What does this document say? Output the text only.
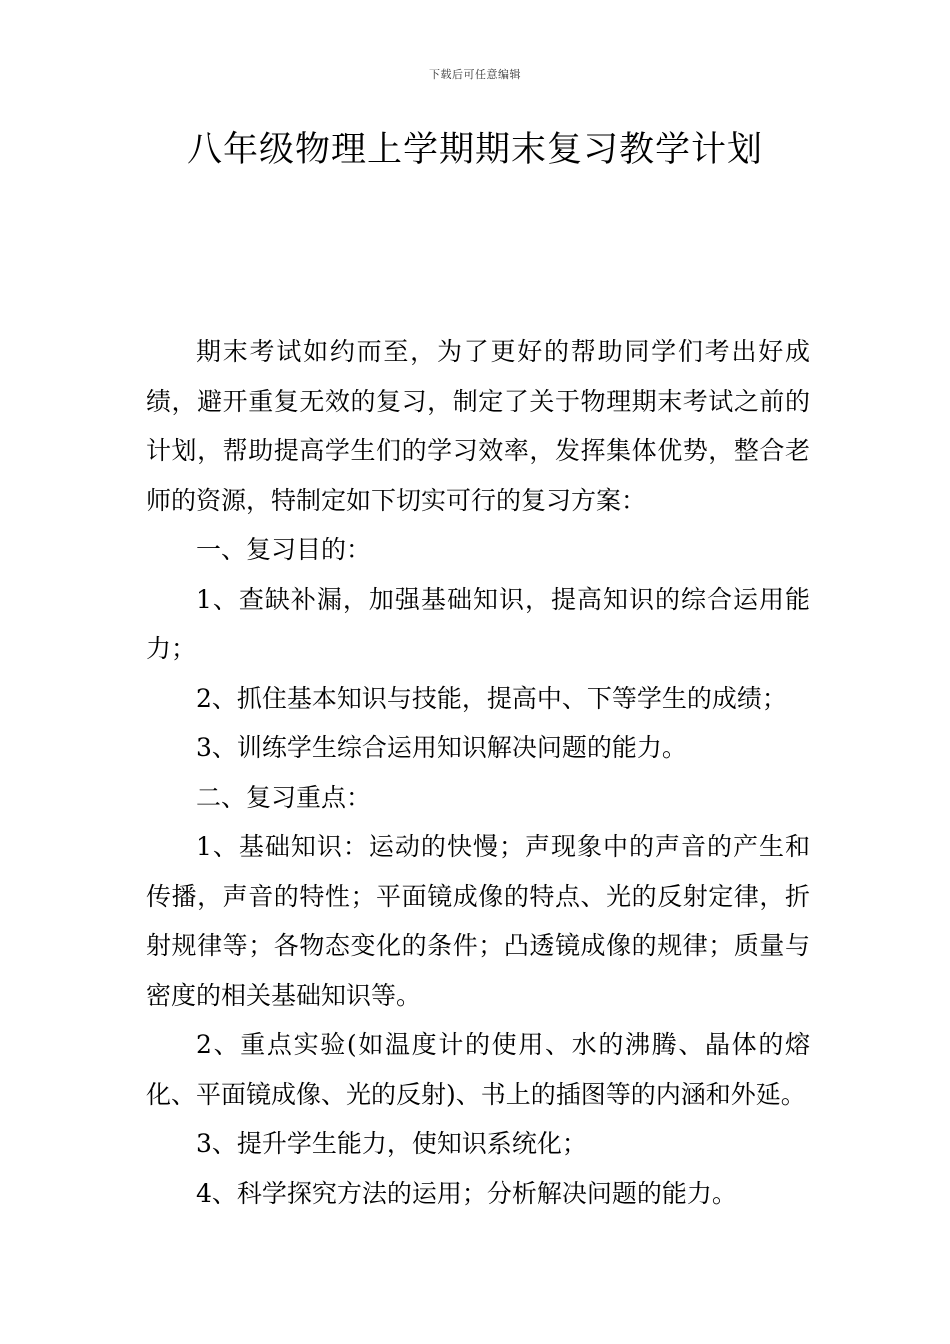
下载后可任意编辑
八年级物理上学期期末复习教学计划

期末考试如约而至，为了更好的帮助同学们考出好成绩，避开重复无效的复习，制定了关于物理期末考试之前的计划，帮助提高学生们的学习效率，发挥集体优势，整合老师的资源，特制定如下切实可行的复习方案：

一、复习目的：

1、查缺补漏，加强基础知识，提高知识的综合运用能力；

2、抓住基本知识与技能，提高中、下等学生的成绩；

3、训练学生综合运用知识解决问题的能力。

二、复习重点：

1、基础知识：运动的快慢；声现象中的声音的产生和传播，声音的特性；平面镜成像的特点、光的反射定律，折射规律等；各物态变化的条件；凸透镜成像的规律；质量与密度的相关基础知识等。

2、重点实验(如温度计的使用、水的沸腾、晶体的熔化、平面镜成像、光的反射)、书上的插图等的内涵和外延。

3、提升学生能力，使知识系统化；

4、科学探究方法的运用；分析解决问题的能力。
